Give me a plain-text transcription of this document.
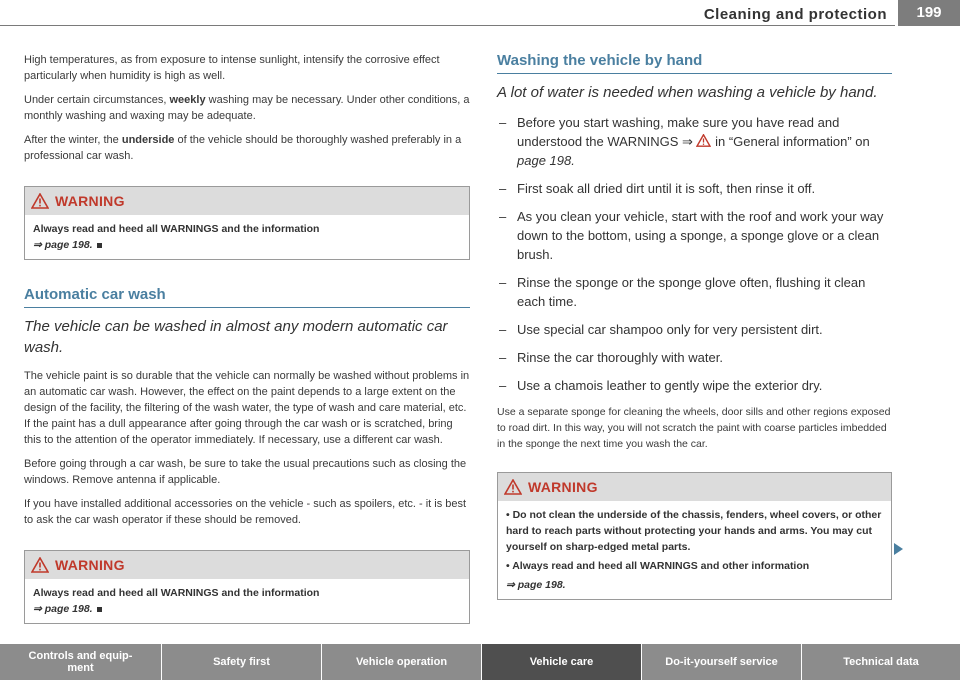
Cleaning and protection	199

High temperatures, as from exposure to intense sunlight, intensify the corrosive effect particularly when humidity is high as well.

Under certain circumstances, weekly washing may be necessary. Under other conditions, a monthly washing and waxing may be adequate.

After the winter, the underside of the vehicle should be thoroughly washed preferably in a professional car wash.

WARNING
Always read and heed all WARNINGS and the information
⇒ page 198.
Automatic car wash
The vehicle can be washed in almost any modern automatic car wash.

The vehicle paint is so durable that the vehicle can normally be washed without problems in an automatic car wash. However, the effect on the paint depends to a large extent on the design of the facility, the filtering of the wash water, the type of wash and care material, etc. If the paint has a dull appearance after going through the car wash or is scratched, bring this to the attention of the operator immediately. If necessary, use a different car wash.

Before going through a car wash, be sure to take the usual precautions such as closing the windows. Remove antenna if applicable.

If you have installed additional accessories on the vehicle - such as spoilers, etc. - it is best to ask the car wash operator if these should be removed.

WARNING
Always read and heed all WARNINGS and the information
⇒ page 198.
Washing the vehicle by hand
A lot of water is needed when washing a vehicle by hand.
– Before you start washing, make sure you have read and understood the WARNINGS ⇒  in “General information” on page 198.
– First soak all dried dirt until it is soft, then rinse it off.
– As you clean your vehicle, start with the roof and work your way down to the bottom, using a sponge, a sponge glove or a clean brush.
– Rinse the sponge or the sponge glove often, flushing it clean each time.
– Use special car shampoo only for very persistent dirt.
– Rinse the car thoroughly with water.
– Use a chamois leather to gently wipe the exterior dry.

Use a separate sponge for cleaning the wheels, door sills and other regions exposed to road dirt. In this way, you will not scratch the paint with coarse particles imbedded in the sponge the next time you wash the car.

WARNING
• Do not clean the underside of the chassis, fenders, wheel covers, or other hard to reach parts without protecting your hands and arms. You may cut yourself on sharp-edged metal parts.
• Always read and heed all WARNINGS and other information
⇒ page 198.
Controls and equip-
ment	Safety first	Vehicle operation	Vehicle care	Do-it-yourself service	Technical data
